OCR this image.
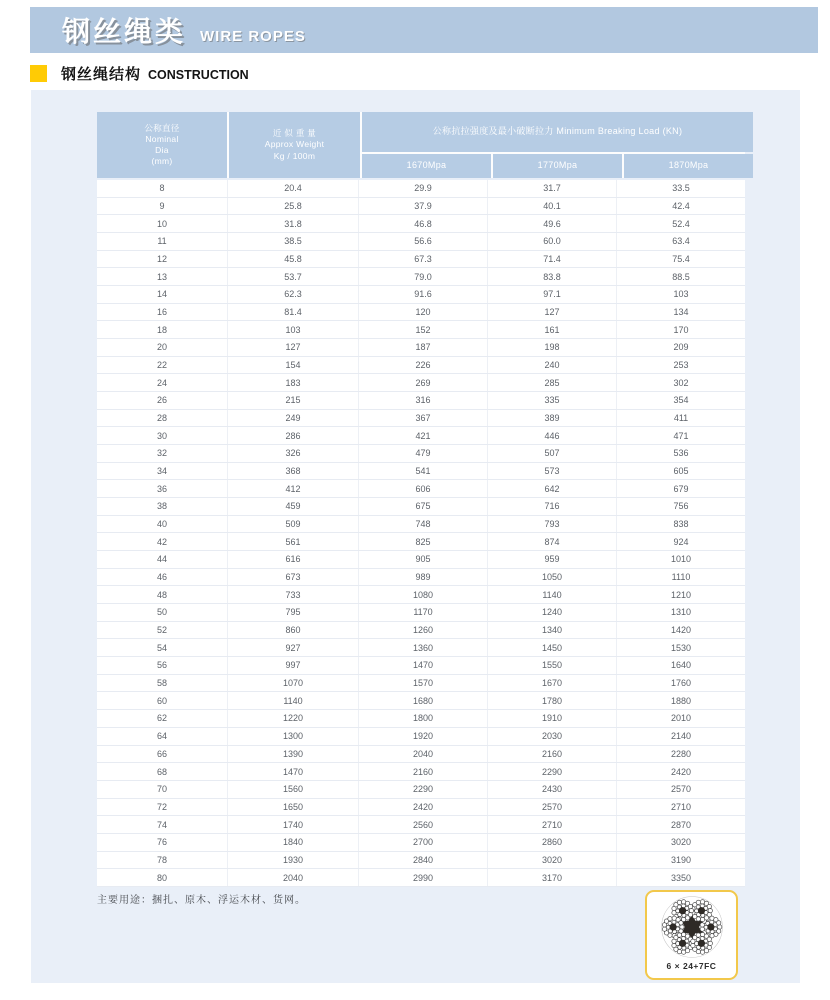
钢丝绳类 WIRE ROPES
钢丝绳结构 CONSTRUCTION
公称直径
Nominal
Dia
(mm)
近 似 重 量
Approx Weight
Kg / 100m
公称抗拉强度及最小破断拉力 Minimum Breaking Load (KN)
1670Mpa	1770Mpa	1870Mpa
8	20.4	29.9	31.7	33.5
9	25.8	37.9	40.1	42.4
10	31.8	46.8	49.6	52.4
11	38.5	56.6	60.0	63.4
12	45.8	67.3	71.4	75.4
13	53.7	79.0	83.8	88.5
14	62.3	91.6	97.1	103
16	81.4	120	127	134
18	103	152	161	170
20	127	187	198	209
22	154	226	240	253
24	183	269	285	302
26	215	316	335	354
28	249	367	389	411
30	286	421	446	471
32	326	479	507	536
34	368	541	573	605
36	412	606	642	679
38	459	675	716	756
40	509	748	793	838
42	561	825	874	924
44	616	905	959	1010
46	673	989	1050	1110
48	733	1080	1140	1210
50	795	1170	1240	1310
52	860	1260	1340	1420
54	927	1360	1450	1530
56	997	1470	1550	1640
58	1070	1570	1670	1760
60	1140	1680	1780	1880
62	1220	1800	1910	2010
64	1300	1920	2030	2140
66	1390	2040	2160	2280
68	1470	2160	2290	2420
70	1560	2290	2430	2570
72	1650	2420	2570	2710
74	1740	2560	2710	2870
76	1840	2700	2860	3020
78	1930	2840	3020	3190
80	2040	2990	3170	3350
主要用途：捆扎、原木、浮运木材、货网。
6 × 24+7FC
